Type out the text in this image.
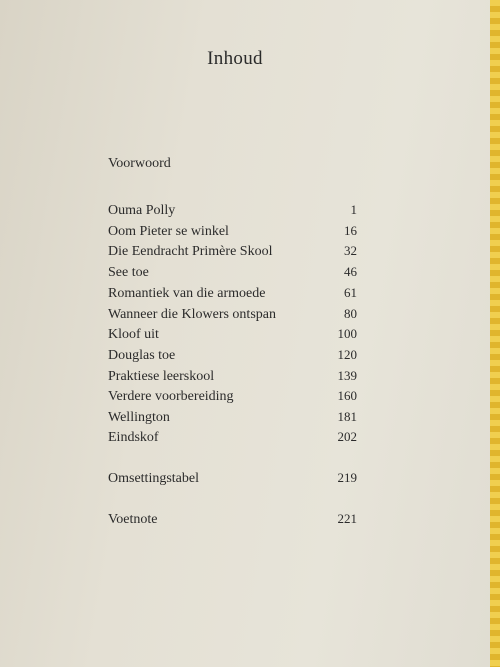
Inhoud
Voorwoord
Ouma Polly	1
Oom Pieter se winkel	16
Die Eendracht Primère Skool	32
See toe	46
Romantiek van die armoede	61
Wanneer die Klowers ontspan	80
Kloof uit	100
Douglas toe	120
Praktiese leerskool	139
Verdere voorbereiding	160
Wellington	181
Eindskof	202
Omsettingstabel	219
Voetnote	221
